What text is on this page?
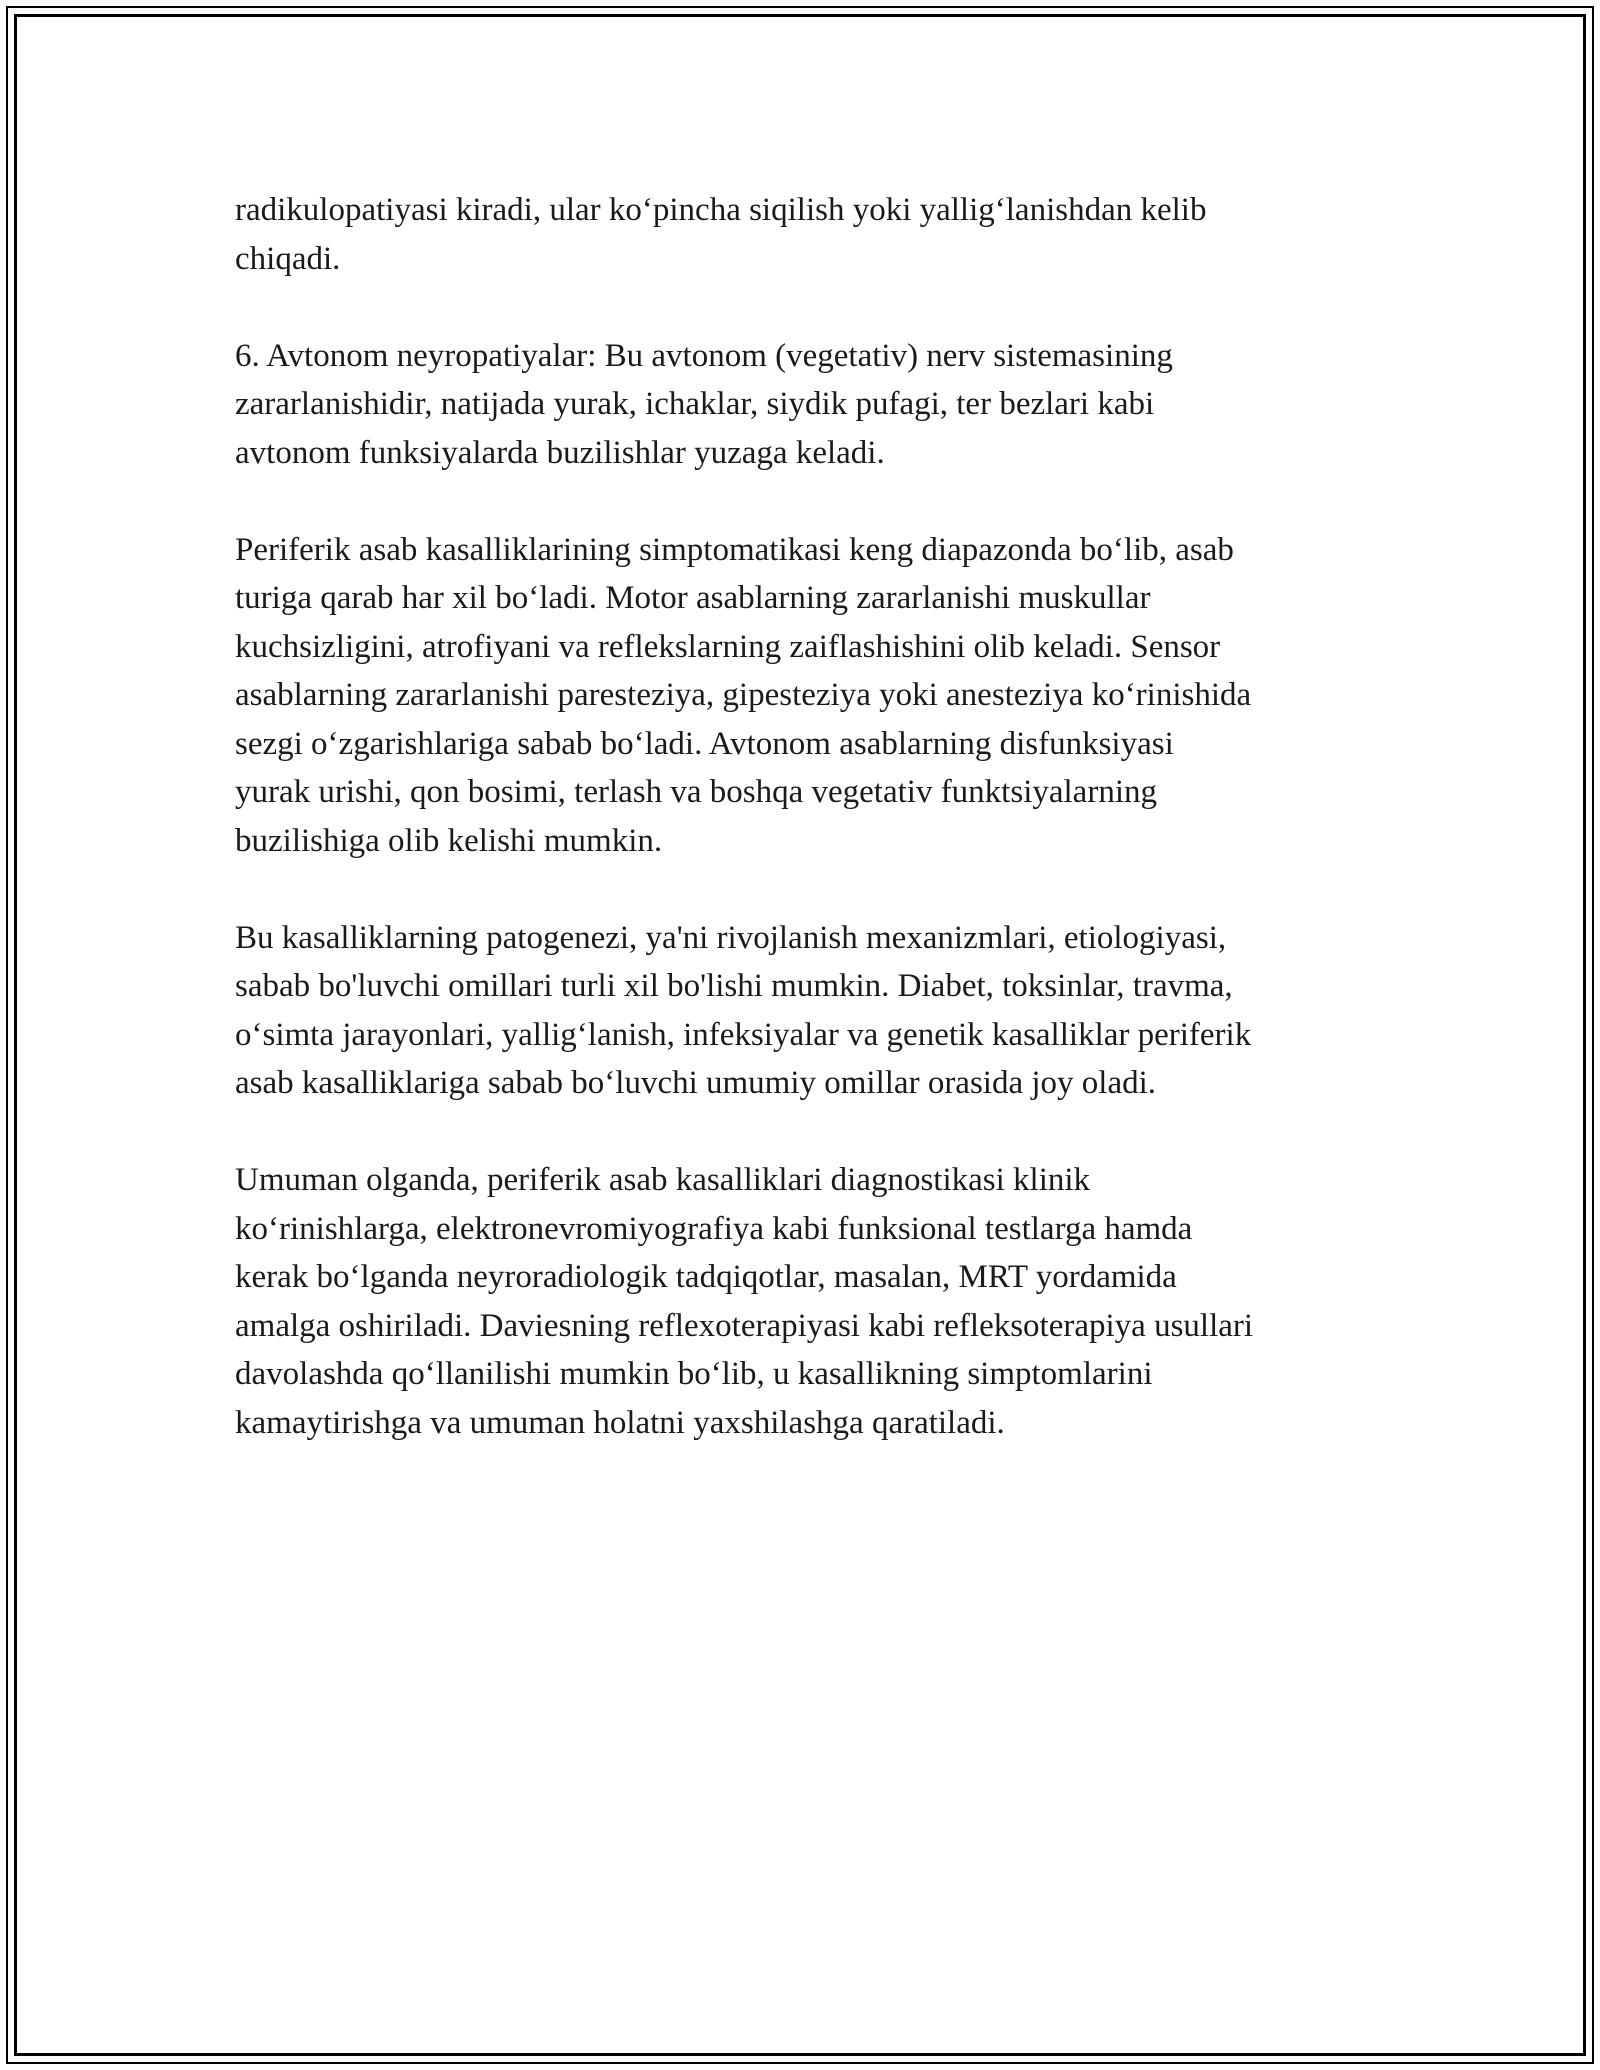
radikulopatiyasi kiradi, ular koʻpincha siqilish yoki yalligʻlanishdan kelib
chiqadi.

6. Avtonom neyropatiyalar: Bu avtonom (vegetativ) nerv sistemasining
zararlanishidir, natijada yurak, ichaklar, siydik pufagi, ter bezlari kabi
avtonom funksiyalarda buzilishlar yuzaga keladi.

Periferik asab kasalliklarining simptomatikasi keng diapazonda boʻlib, asab
turiga qarab har xil boʻladi. Motor asablarning zararlanishi muskullar
kuchsizligini, atrofiyani va reflekslarning zaiflashishini olib keladi. Sensor
asablarning zararlanishi paresteziya, gipesteziya yoki anesteziya koʻrinishida
sezgi oʻzgarishlariga sabab boʻladi. Avtonom asablarning disfunksiyasi
yurak urishi, qon bosimi, terlash va boshqa vegetativ funktsiyalarning
buzilishiga olib kelishi mumkin.

Bu kasalliklarning patogenezi, ya'ni rivojlanish mexanizmlari, etiologiyasi,
sabab bo'luvchi omillari turli xil bo'lishi mumkin. Diabet, toksinlar, travma,
oʻsimta jarayonlari, yalligʻlanish, infeksiyalar va genetik kasalliklar periferik
asab kasalliklariga sabab boʻluvchi umumiy omillar orasida joy oladi.

Umuman olganda, periferik asab kasalliklari diagnostikasi klinik
koʻrinishlarga, elektronevromiyografiya kabi funksional testlarga hamda
kerak boʻlganda neyroradiologik tadqiqotlar, masalan, MRT yordamida
amalga oshiriladi. Daviesning reflexoterapiyasi kabi refleksoterapiya usullari
davolashda qoʻllanilishi mumkin boʻlib, u kasallikning simptomlarini
kamaytirishga va umuman holatni yaxshilashga qaratiladi.
